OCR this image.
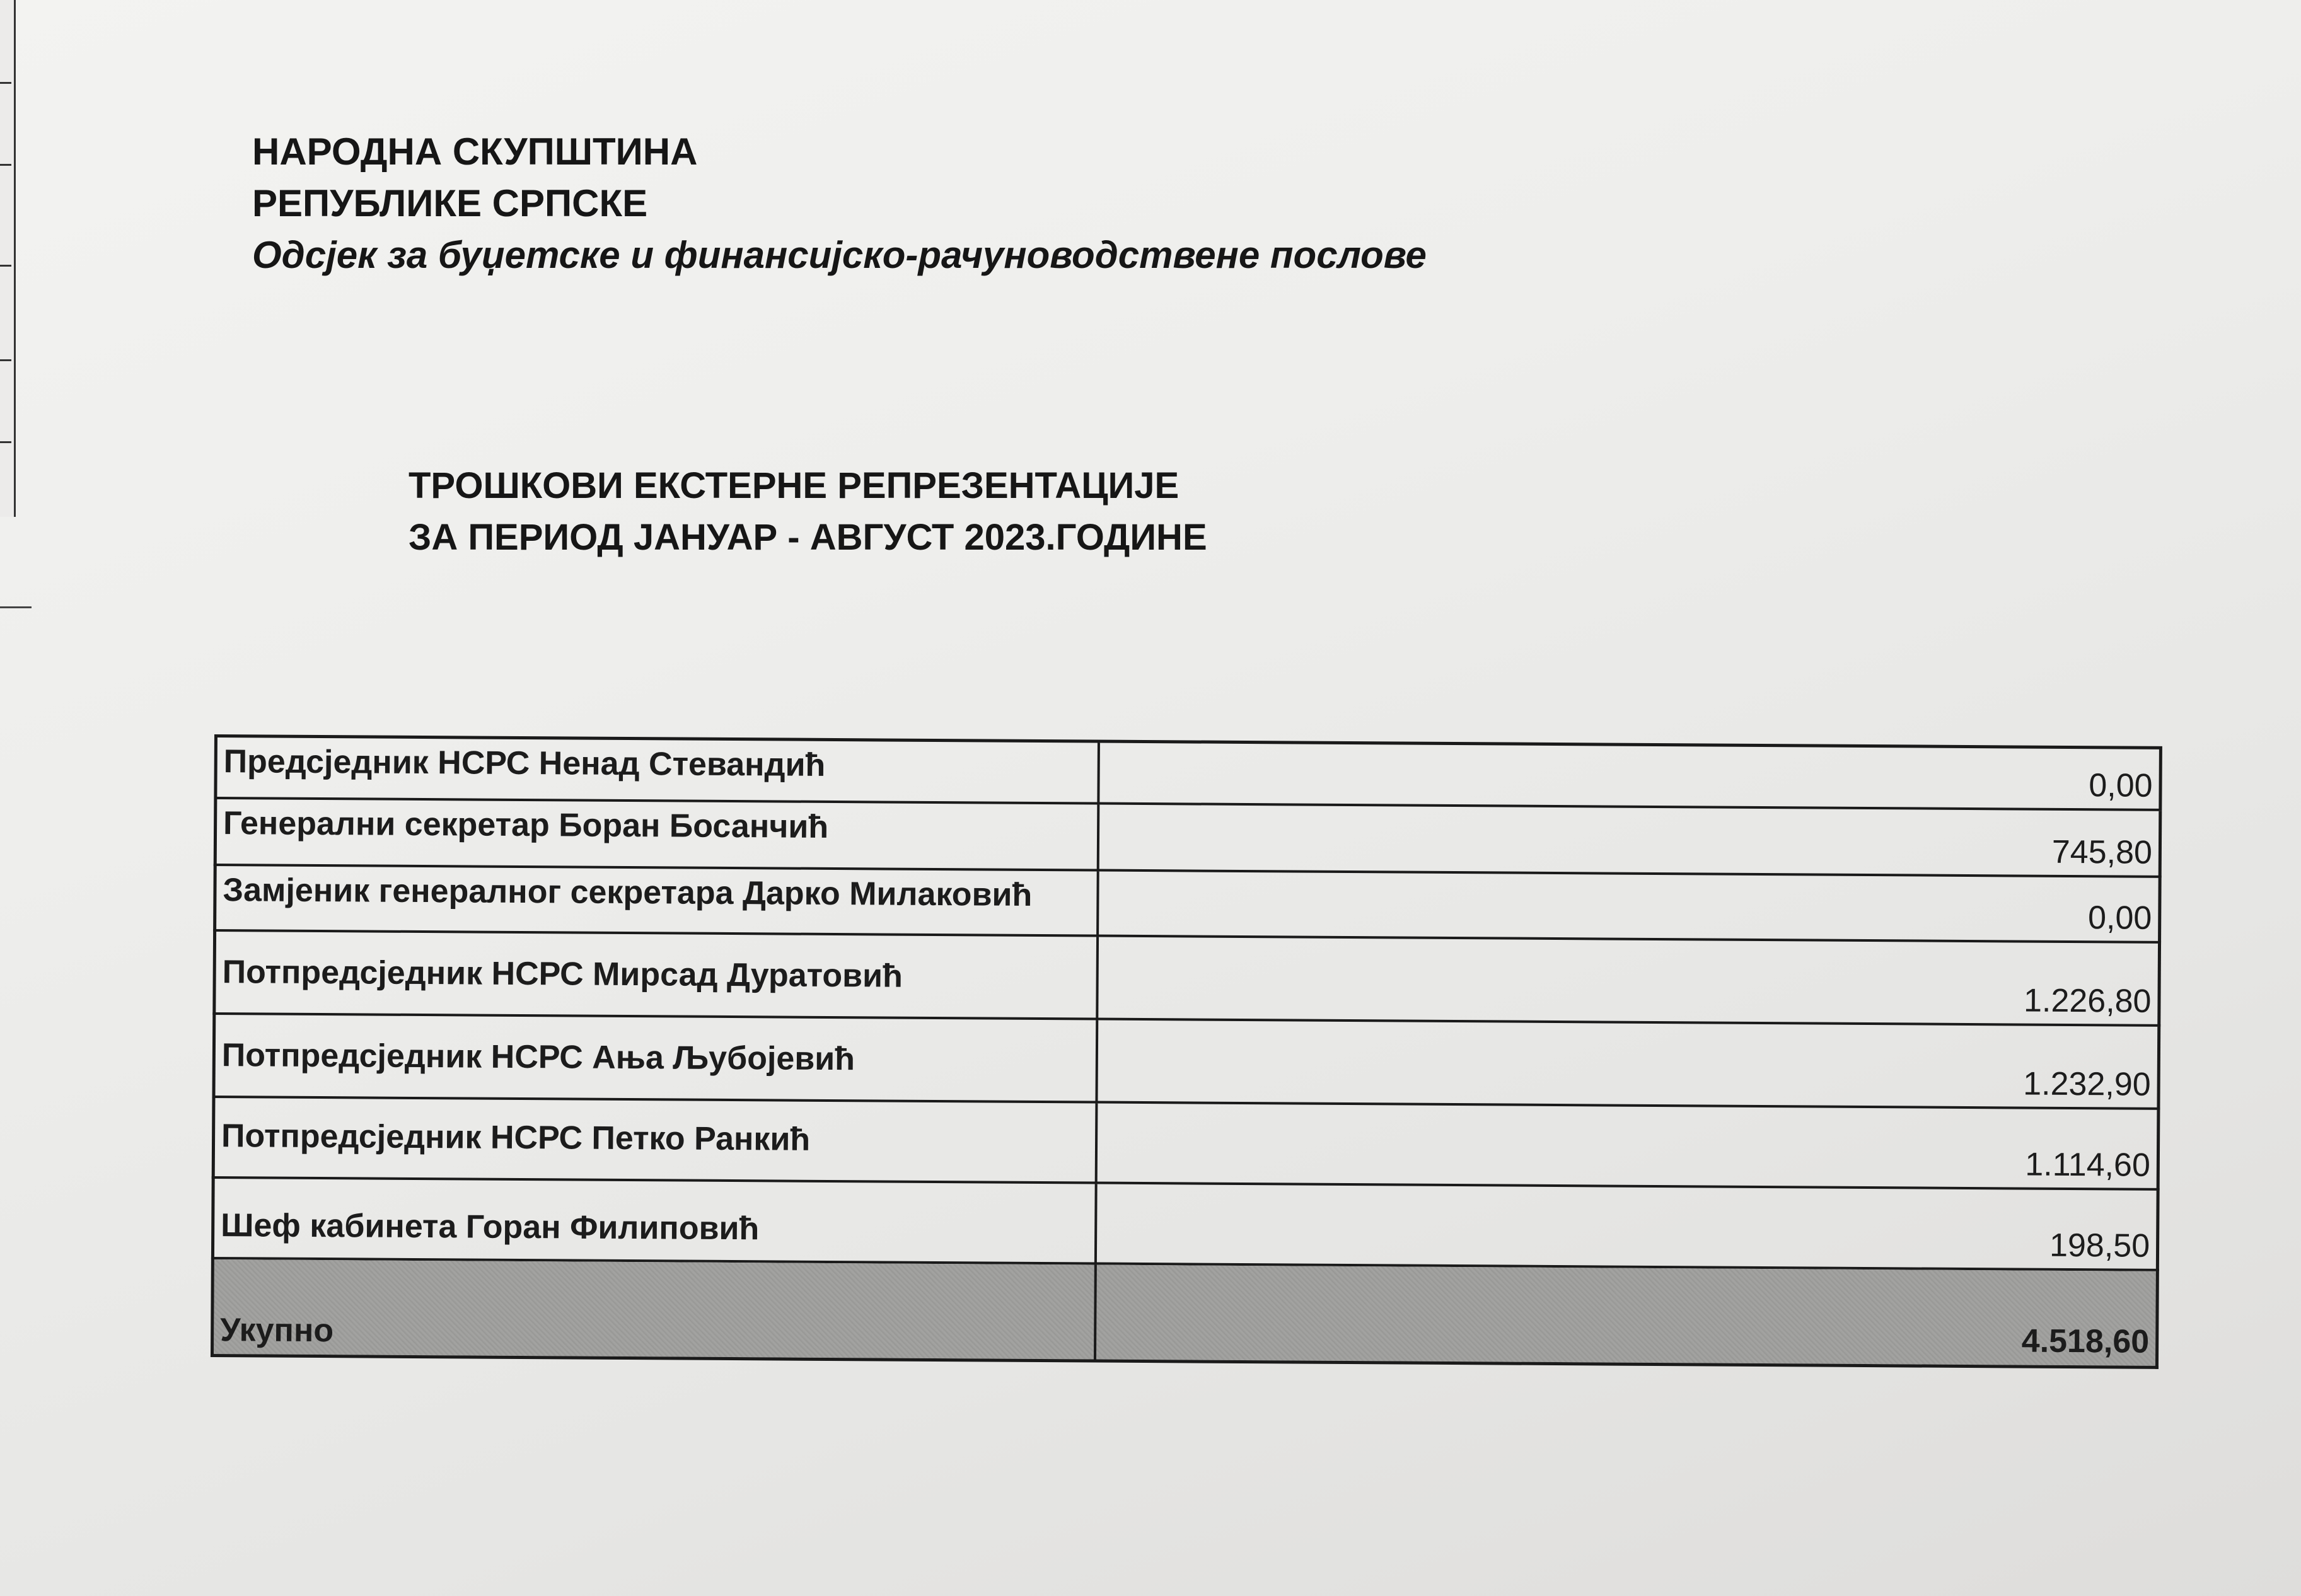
НАРОДНА СКУПШТИНА
РЕПУБЛИКЕ СРПСКЕ
Одсјек за буџетске и финансијско-рачуноводствене послове
ТРОШКОВИ ЕКСТЕРНЕ РЕПРЕЗЕНТАЦИЈЕ
ЗА ПЕРИОД ЈАНУАР - АВГУСТ 2023.ГОДИНЕ
Предсједник НСРС Ненад Стевандић
0,00
Генерални секретар Боран Босанчић
745,80
Замјеник генералног секретара Дарко Милаковић
0,00
Потпредсједник НСРС Мирсад Дуратовић
1.226,80
Потпредсједник НСРС Ања Љубојевић
1.232,90
Потпредсједник НСРС Петко Ранкић
1.114,60
Шеф кабинета Горан Филиповић	198,50
Укупно	4.518,60
